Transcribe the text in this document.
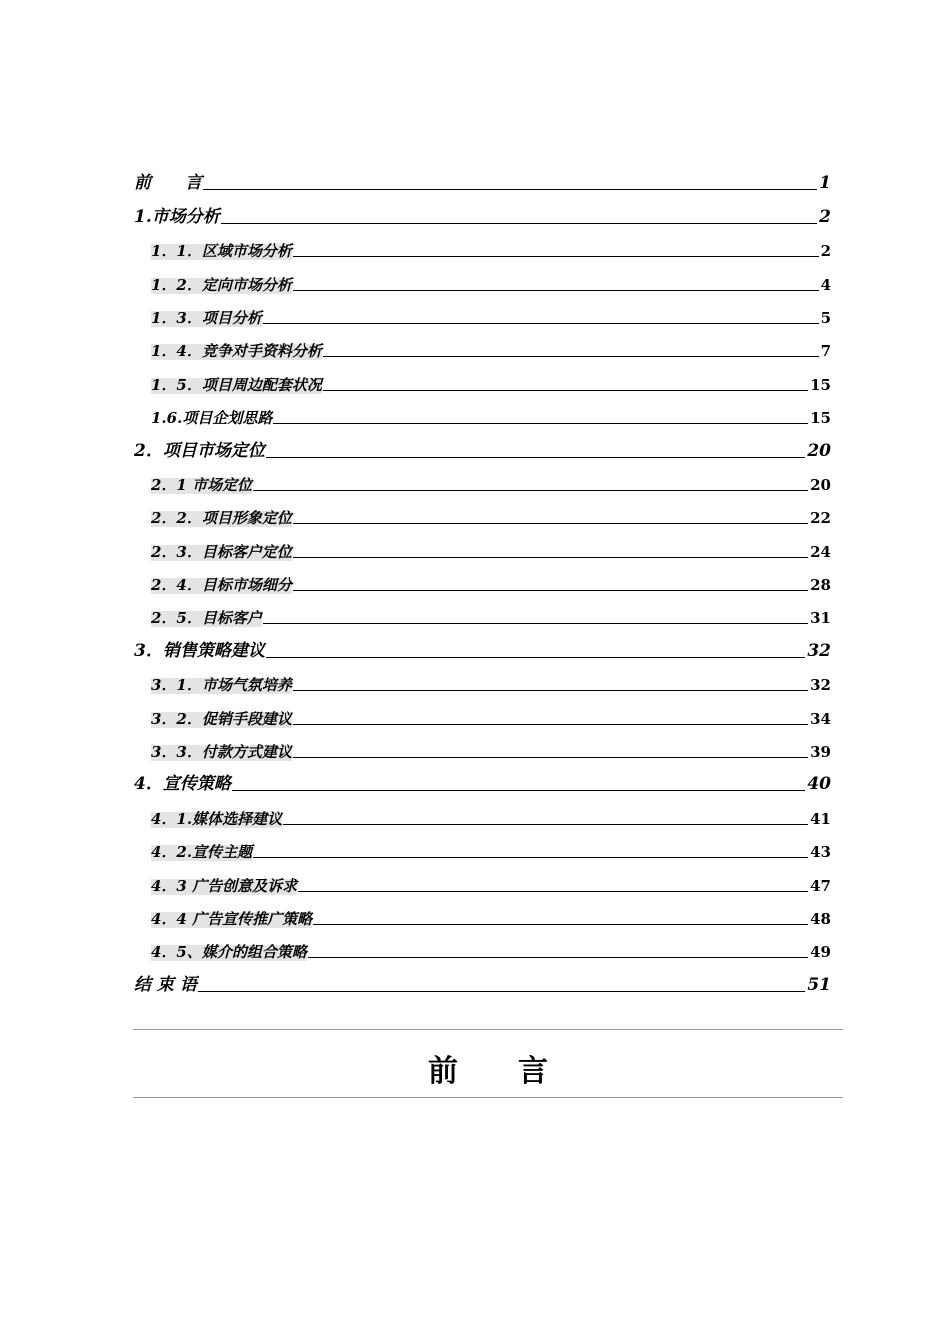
前　　言	1
1.市场分析	2
1．1．区域市场分析	2
1．2．定向市场分析	4
1．3．项目分析	5
1．4．竞争对手资料分析	7
1．5．项目周边配套状况	15
1.6.项目企划思路	15
2．项目市场定位	20
2．1 市场定位	20
2．2．项目形象定位	22
2．3．目标客户定位	24
2．4．目标市场细分	28
2．5．目标客户	31
3．销售策略建议	32
3．1．市场气氛培养	32
3．2．促销手段建议	34
3．3．付款方式建议	39
4．宣传策略	40
4．1.媒体选择建议	41
4．2.宣传主题	43
4．3 广告创意及诉求	47
4．4 广告宣传推广策略	48
4．5、媒介的组合策略	49
结 束 语	51
前　　言
